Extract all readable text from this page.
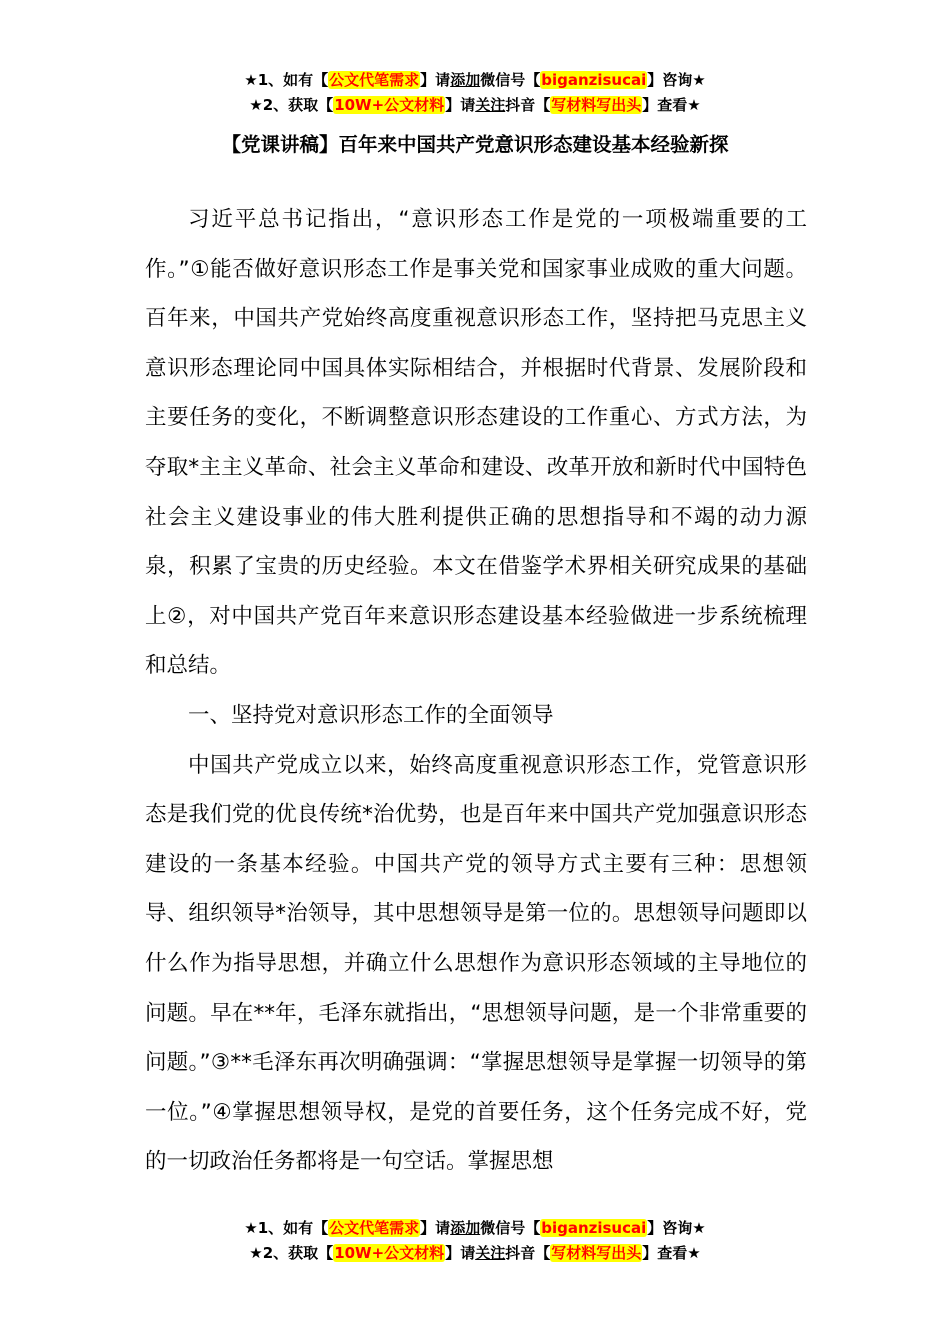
★1、如有【公文代笔需求】请添加微信号【biganzisucai】咨询★
★2、获取【10W+公文材料】请关注抖音【写材料写出头】查看★
【党课讲稿】百年来中国共产党意识形态建设基本经验新探

习近平总书记指出，“意识形态工作是党的一项极端重要的工作。”①能否做好意识形态工作是事关党和国家事业成败的重大问题。百年来，中国共产党始终高度重视意识形态工作，坚持把马克思主义意识形态理论同中国具体实际相结合，并根据时代背景、发展阶段和主要任务的变化，不断调整意识形态建设的工作重心、方式方法，为夺取*主主义革命、社会主义革命和建设、改革开放和新时代中国特色社会主义建设事业的伟大胜利提供正确的思想指导和不竭的动力源泉，积累了宝贵的历史经验。本文在借鉴学术界相关研究成果的基础上②，对中国共产党百年来意识形态建设基本经验做进一步系统梳理和总结。

一、坚持党对意识形态工作的全面领导

中国共产党成立以来，始终高度重视意识形态工作，党管意识形态是我们党的优良传统*治优势，也是百年来中国共产党加强意识形态建设的一条基本经验。中国共产党的领导方式主要有三种：思想领导、组织领导*治领导，其中思想领导是第一位的。思想领导问题即以什么作为指导思想，并确立什么思想作为意识形态领域的主导地位的问题。早在**年，毛泽东就指出，“思想领导问题，是一个非常重要的问题。”③**毛泽东再次明确强调：“掌握思想领导是掌握一切领导的第一位。”④掌握思想领导权，是党的首要任务，这个任务完成不好，党的一切政治任务都将是一句空话。掌握思想

★1、如有【公文代笔需求】请添加微信号【biganzisucai】咨询★
★2、获取【10W+公文材料】请关注抖音【写材料写出头】查看★
